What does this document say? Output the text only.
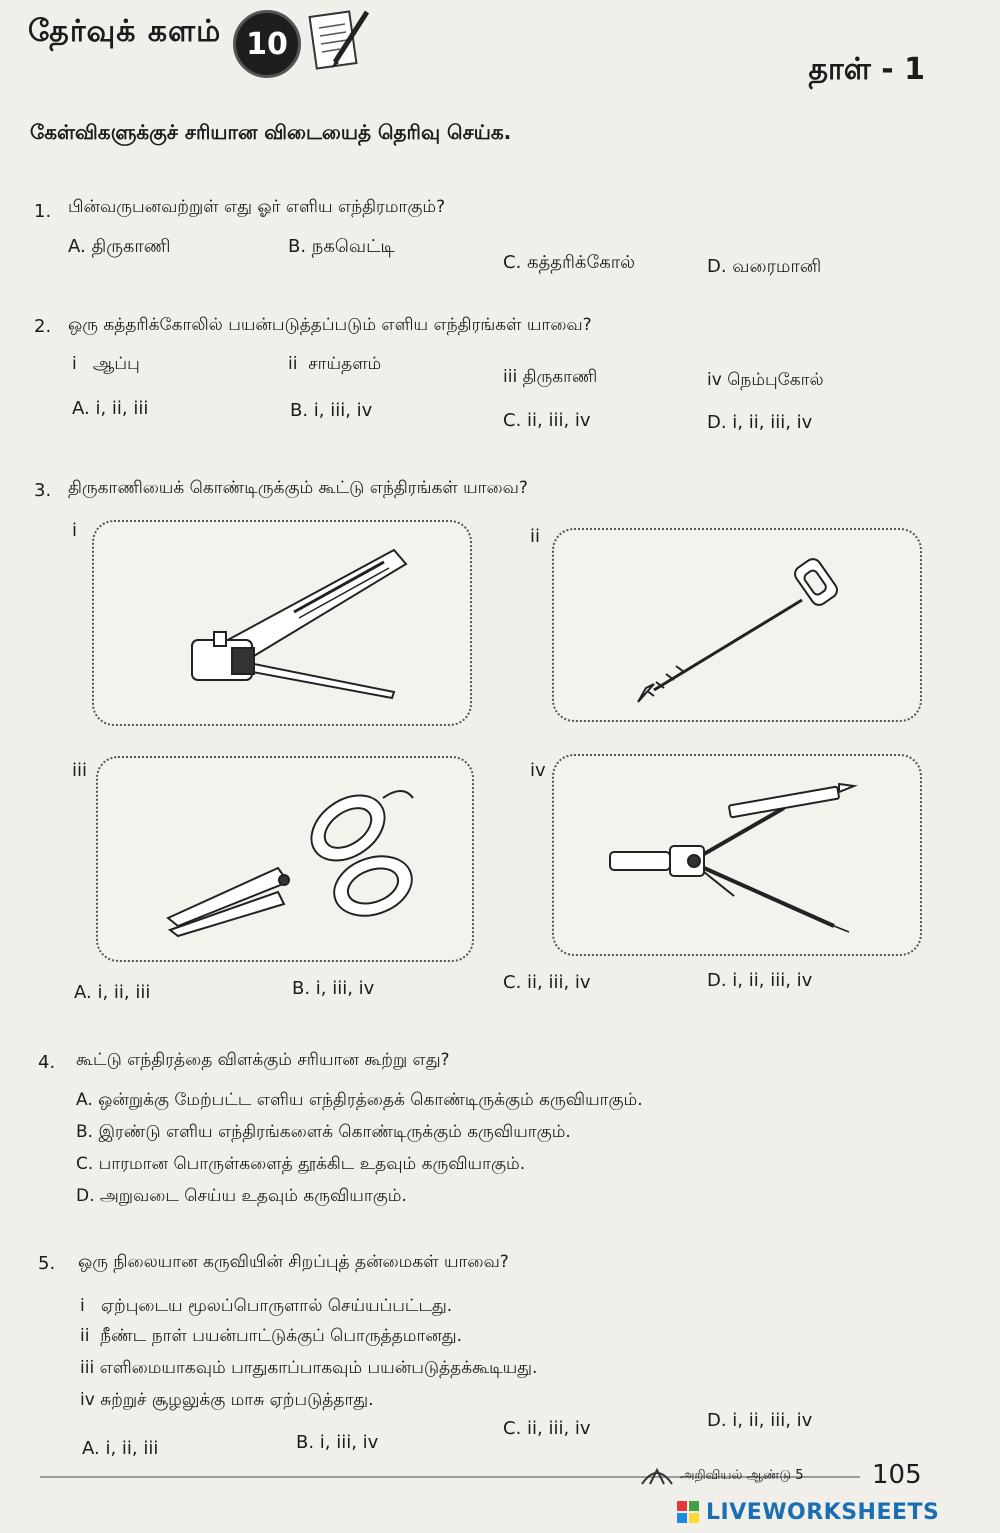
தேர்வுக் களம் 10
தாள் - 1
கேள்விகளுக்குச் சரியான விடையைத் தெரிவு செய்க.
1. பின்வருபனவற்றுள் எது ஓர் எளிய எந்திரமாகும்?
A. திருகாணி	B. நகவெட்டி
C. கத்தரிக்கோல்	D. வரைமானி
2. ஒரு கத்தரிக்கோலில் பயன்படுத்தப்படும் எளிய எந்திரங்கள் யாவை?
i   ஆப்பு	ii  சாய்தளம்
iii திருகாணி	iv நெம்புகோல்
A. i, ii, iii	B. i, iii, iv	C. ii, iii, iv	D. i, ii, iii, iv
3. திருகாணியைக் கொண்டிருக்கும் கூட்டு எந்திரங்கள் யாவை?
i	ii
iii	iv
A. i, ii, iii	B. i, iii, iv	C. ii, iii, iv	D. i, ii, iii, iv
4. கூட்டு எந்திரத்தை விளக்கும் சரியான கூற்று எது?
A. ஒன்றுக்கு மேற்பட்ட எளிய எந்திரத்தைக் கொண்டிருக்கும் கருவியாகும்.
B. இரண்டு எளிய எந்திரங்களைக் கொண்டிருக்கும் கருவியாகும்.
C. பாரமான பொருள்களைத் தூக்கிட உதவும் கருவியாகும்.
D. அறுவடை செய்ய உதவும் கருவியாகும்.
5. ஒரு நிலையான கருவியின் சிறப்புத் தன்மைகள் யாவை?
i   ஏற்புடைய மூலப்பொருளால் செய்யப்பட்டது.
ii  நீண்ட நாள் பயன்பாட்டுக்குப் பொருத்தமானது.
iii எளிமையாகவும் பாதுகாப்பாகவும் பயன்படுத்தக்கூடியது.
iv சுற்றுச் சூழலுக்கு மாசு ஏற்படுத்தாது.
A. i, ii, iii	B. i, iii, iv
C. ii, iii, iv	D. i, ii, iii, iv
அறிவியல் ஆண்டு 5	105
LIVEWORKSHEETS
